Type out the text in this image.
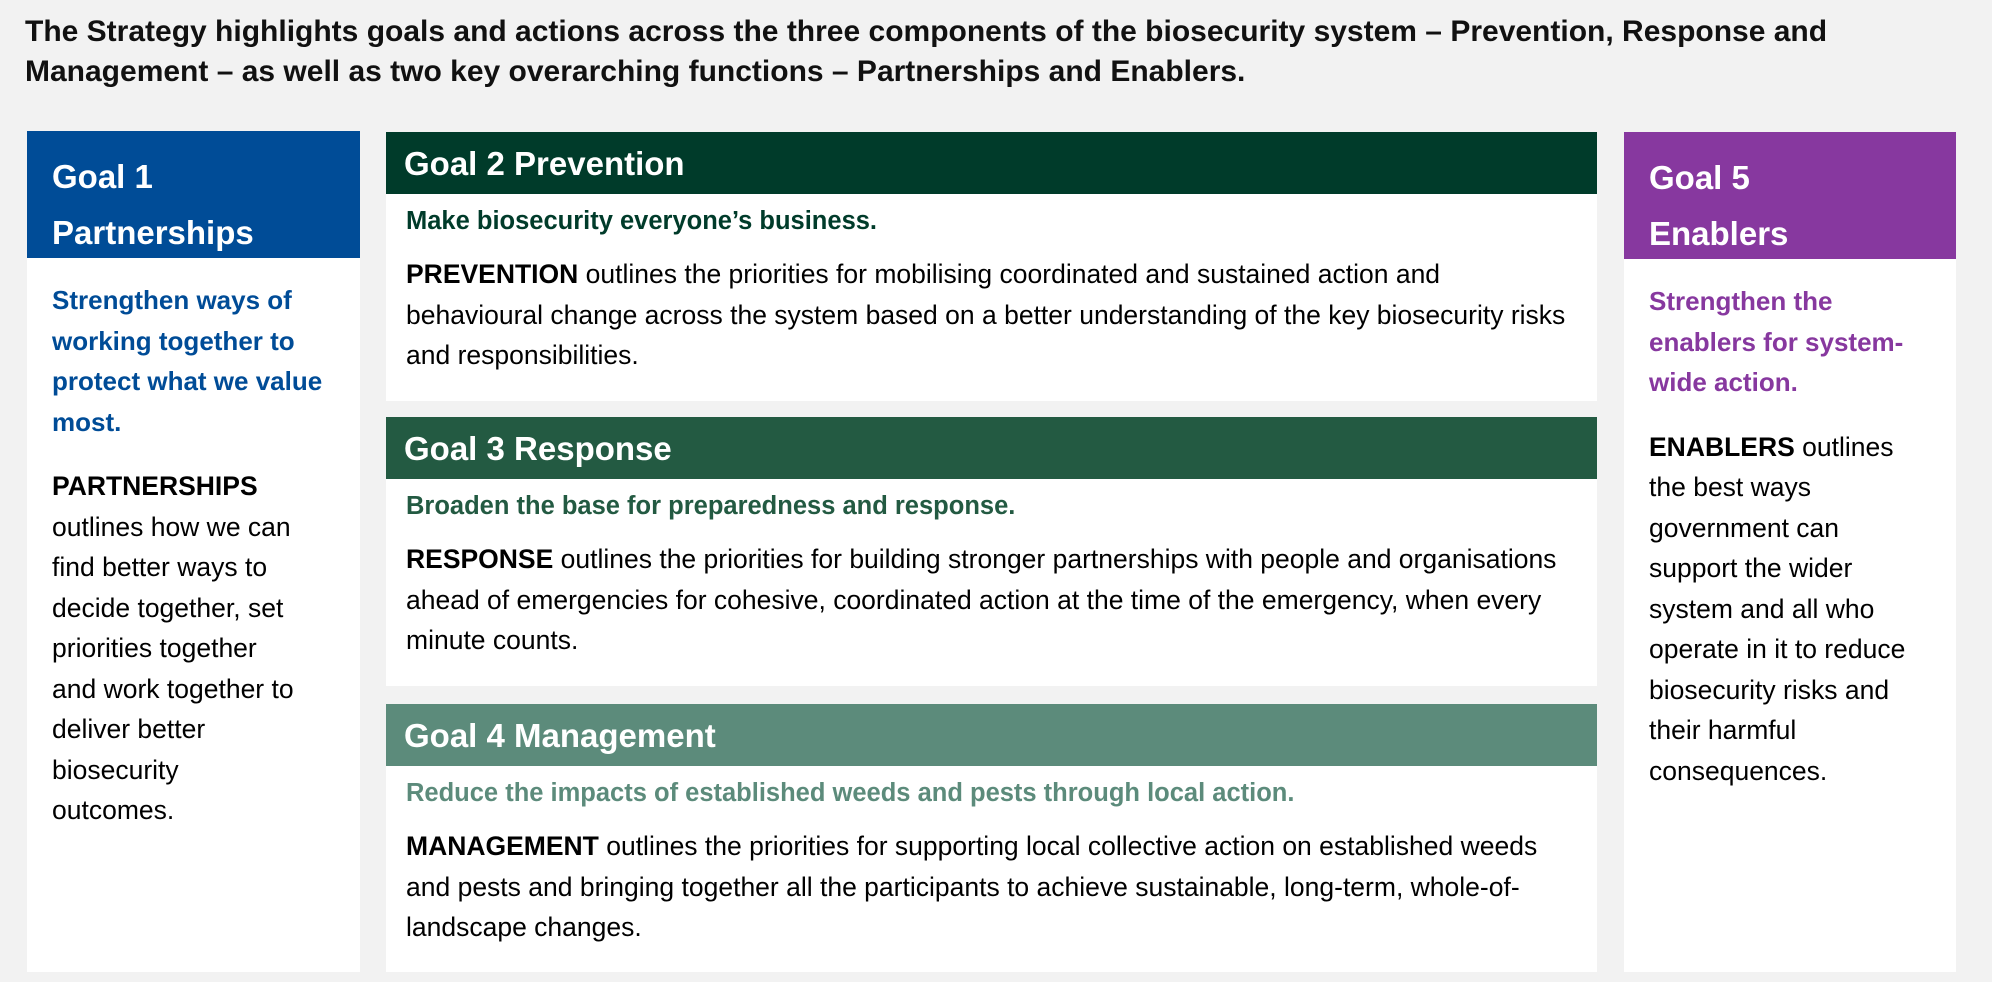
The Strategy highlights goals and actions across the three components of the biosecurity system – Prevention, Response and Management – as well as two key overarching functions – Partnerships and Enablers.
Goal 1
Partnerships
Strengthen ways of working together to protect what we value most.
PARTNERSHIPS
outlines how we can find better ways to decide together, set priorities together and work together to deliver better biosecurity outcomes.
Goal 2 Prevention
Make biosecurity everyone’s business.
PREVENTION outlines the priorities for mobilising coordinated and sustained action and behavioural change across the system based on a better understanding of the key biosecurity risks and responsibilities.
Goal 3 Response
Broaden the base for preparedness and response.
RESPONSE outlines the priorities for building stronger partnerships with people and organisations ahead of emergencies for cohesive, coordinated action at the time of the emergency, when every minute counts.
Goal 4 Management
Reduce the impacts of established weeds and pests through local action.
MANAGEMENT outlines the priorities for supporting local collective action on established weeds and pests and bringing together all the participants to achieve sustainable, long-term, whole-of-landscape changes.
Goal 5
Enablers
Strengthen the enablers for system-wide action.
ENABLERS outlines the best ways government can support the wider system and all who operate in it to reduce biosecurity risks and their harmful consequences.
